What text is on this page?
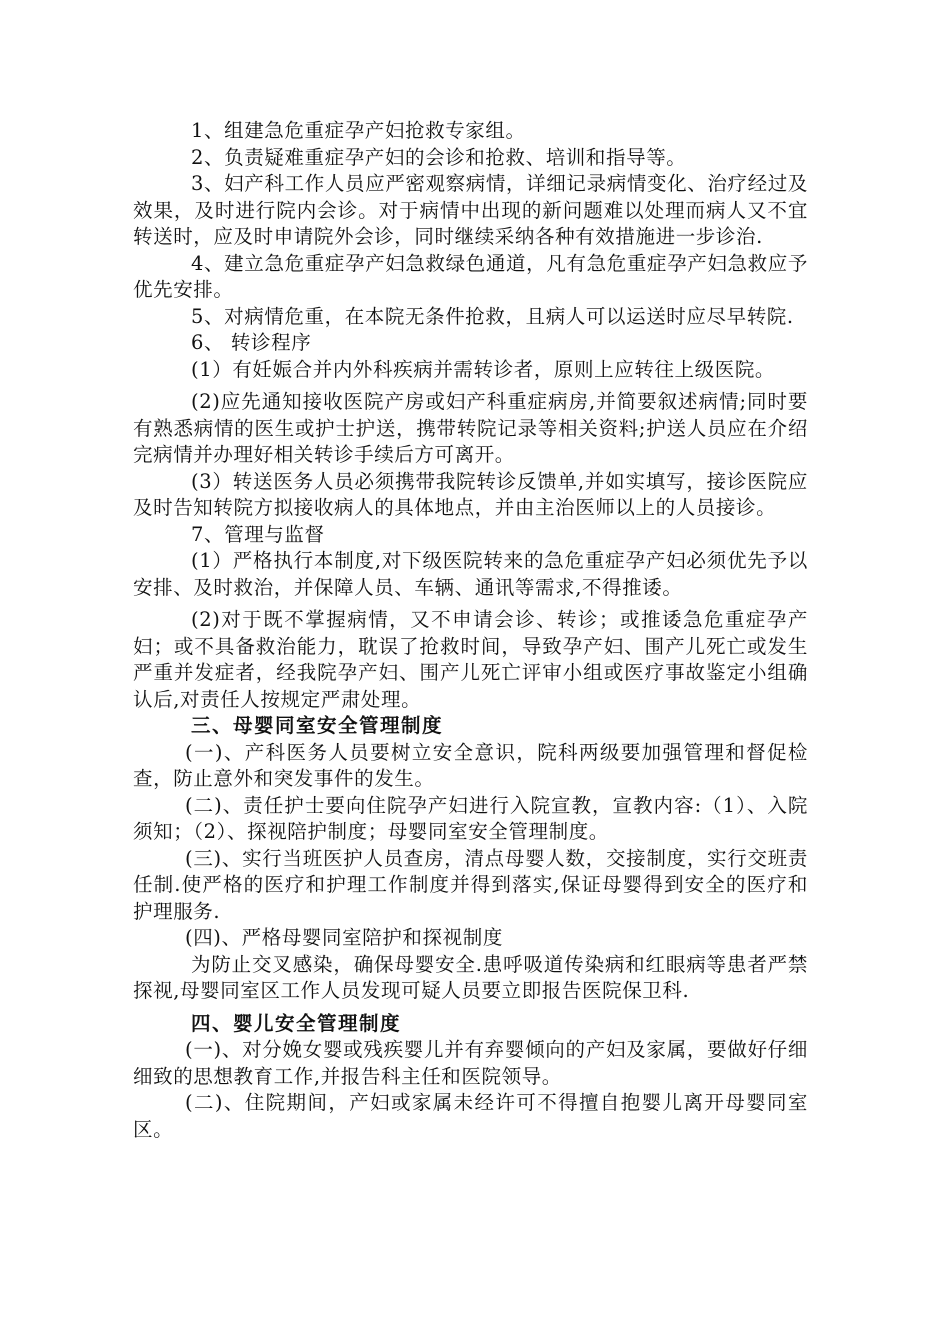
1、组建急危重症孕产妇抢救专家组。

2、负责疑难重症孕产妇的会诊和抢救、培训和指导等。

3、妇产科工作人员应严密观察病情，详细记录病情变化、治疗经过及效果，及时进行院内会诊。对于病情中出现的新问题难以处理而病人又不宜转送时，应及时申请院外会诊，同时继续采纳各种有效措施进一步诊治.

4、建立急危重症孕产妇急救绿色通道，凡有急危重症孕产妇急救应予优先安排。

5、对病情危重，在本院无条件抢救，且病人可以运送时应尽早转院.

6、 转诊程序

(1）有妊娠合并内外科疾病并需转诊者，原则上应转往上级医院。

(2)应先通知接收医院产房或妇产科重症病房,并简要叙述病情;同时要有熟悉病情的医生或护士护送，携带转院记录等相关资料;护送人员应在介绍完病情并办理好相关转诊手续后方可离开。

(3）转送医务人员必须携带我院转诊反馈单,并如实填写，接诊医院应及时告知转院方拟接收病人的具体地点，并由主治医师以上的人员接诊。

7、管理与监督

(1）严格执行本制度,对下级医院转来的急危重症孕产妇必须优先予以安排、及时救治，并保障人员、车辆、通讯等需求,不得推诿。

(2)对于既不掌握病情，又不申请会诊、转诊；或推诿急危重症孕产妇；或不具备救治能力，耽误了抢救时间，导致孕产妇、围产儿死亡或发生严重并发症者，经我院孕产妇、围产儿死亡评审小组或医疗事故鉴定小组确认后,对责任人按规定严肃处理。

三、母婴同室安全管理制度

(一)、产科医务人员要树立安全意识，院科两级要加强管理和督促检查，防止意外和突发事件的发生。

(二)、责任护士要向住院孕产妇进行入院宣教，宣教内容:（1）、入院须知；（2）、探视陪护制度；母婴同室安全管理制度。

(三)、实行当班医护人员查房，清点母婴人数，交接制度，实行交班责任制.使严格的医疗和护理工作制度并得到落实,保证母婴得到安全的医疗和护理服务.

(四)、严格母婴同室陪护和探视制度

为防止交叉感染，确保母婴安全.患呼吸道传染病和红眼病等患者严禁探视,母婴同室区工作人员发现可疑人员要立即报告医院保卫科.

四、婴儿安全管理制度

(一)、对分娩女婴或残疾婴儿并有弃婴倾向的产妇及家属，要做好仔细细致的思想教育工作,并报告科主任和医院领导。

(二)、住院期间，产妇或家属未经许可不得擅自抱婴儿离开母婴同室区。
